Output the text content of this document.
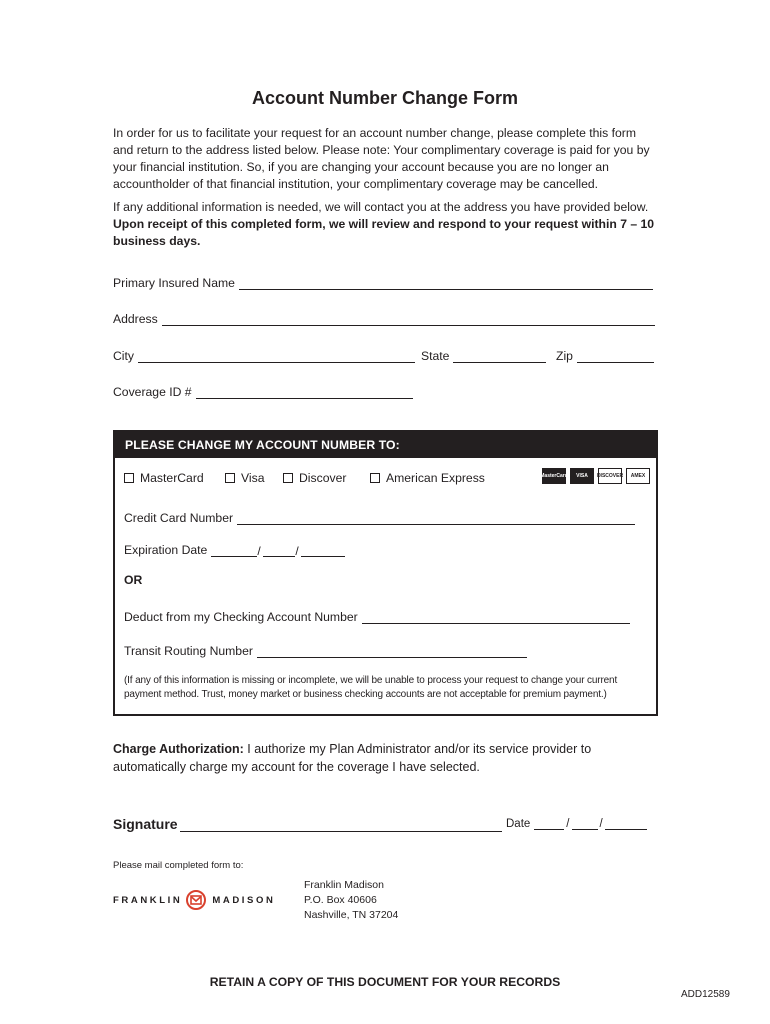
Account Number Change Form

In order for us to facilitate your request for an account number change, please complete this form and return to the address listed below. Please note: Your complimentary coverage is paid for you by your financial institution. So, if you are changing your account because you are no longer an accountholder of that financial institution, your complimentary coverage may be cancelled.

If any additional information is needed, we will contact you at the address you have provided below. Upon receipt of this completed form, we will review and respond to your request within 7 – 10 business days.

Primary Insured Name
Address
City	State	Zip
Coverage ID #
PLEASE CHANGE MY ACCOUNT NUMBER TO:
MasterCard	Visa	Discover	American Express	MasterCard	VISA	DISCOVER	AMEX
Credit Card Number
Expiration Date	/	/
OR
Deduct from my Checking Account Number
Transit Routing Number

(If any of this information is missing or incomplete, we will be unable to process your request to change your current payment method. Trust, money market or business checking accounts are not acceptable for premium payment.)

Charge Authorization: I authorize my Plan Administrator and/or its service provider to automatically charge my account for the coverage I have selected.

Signature	Date	/	/
Please mail completed form to:
FRANKLIN	MADISON
Franklin Madison
P.O. Box 40606
Nashville, TN 37204
RETAIN A COPY OF THIS DOCUMENT FOR YOUR RECORDS
ADD12589
